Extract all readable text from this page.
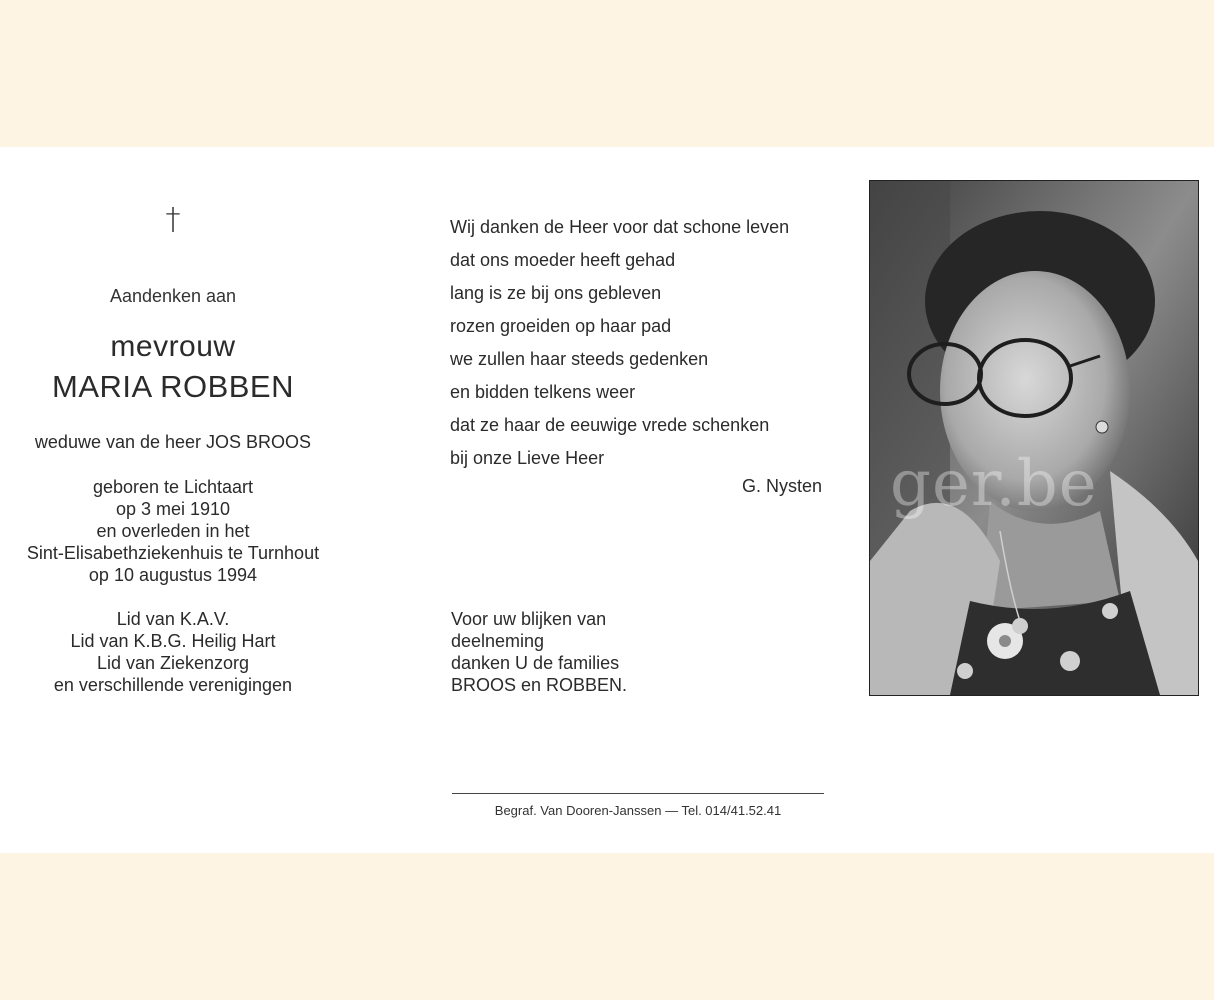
†
Aandenken aan
mevrouw
MARIA ROBBEN
weduwe van de heer JOS BROOS
geboren te Lichtaart
op 3 mei 1910
en overleden in het
Sint-Elisabethziekenhuis te Turnhout
op 10 augustus 1994
Lid van K.A.V.
Lid van K.B.G. Heilig Hart
Lid van Ziekenzorg
en verschillende verenigingen
Wij danken de Heer voor dat schone leven
dat ons moeder heeft gehad
lang is ze bij ons gebleven
rozen groeiden op haar pad
we zullen haar steeds gedenken
en bidden telkens weer
dat ze haar de eeuwige vrede schenken
bij onze Lieve Heer
G. Nysten
Voor uw blijken van
deelneming
danken U de families
BROOS en ROBBEN.
Begraf. Van Dooren-Janssen — Tel. 014/41.52.41
ger.be
